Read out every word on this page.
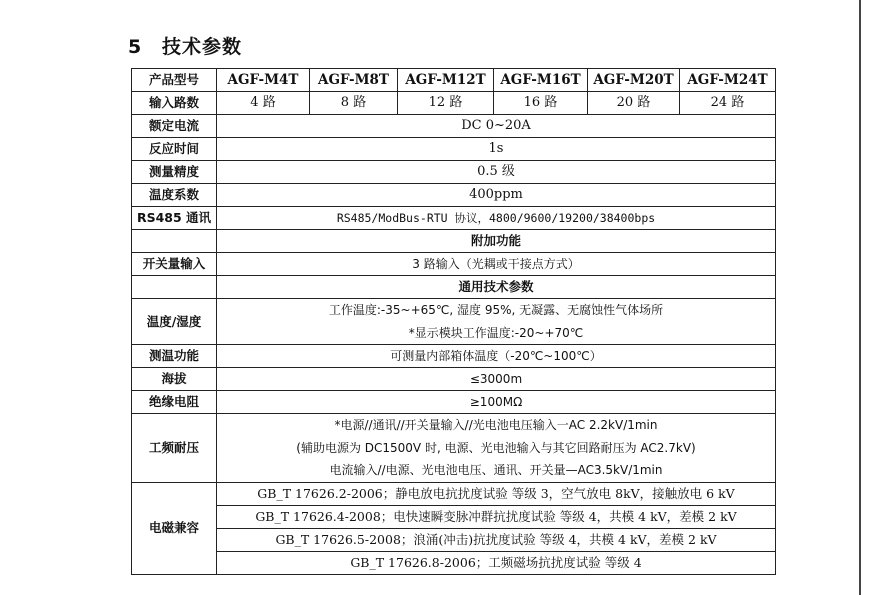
5 技术参数
产品型号	AGF-M4T	AGF-M8T	AGF-M12T	AGF-M16T	AGF-M20T	AGF-M24T
输入路数	4 路	8 路	12 路	16 路	20 路	24 路
额定电流	DC 0~20A					
反应时间	1s					
测量精度	0.5 级					
温度系数	400ppm					
RS485 通讯	RS485/ModBus-RTU 协议，4800/9600/19200/38400bps					
	附加功能					
开关量输入	3 路输入（光耦或干接点方式）					
	通用技术参数					
温度/湿度	工作温度:-35~+65℃, 湿度 95%, 无凝露、无腐蚀性气体场所
*显示模块工作温度:-20~+70℃					

测温功能	可测量内部箱体温度（-20℃~100℃）					
海拔	≤3000m					
绝缘电阻	≥100MΩ					
工频耐压	*电源//通讯//开关量输入//光电池电压输入一AC 2.2kV/1min
(辅助电源为 DC1500V 时, 电源、光电池输入与其它回路耐压为 AC2.7kV)
电流输入//电源、光电池电压、通讯、开关量—AC3.5kV/1min					

电磁兼容	GB_T 17626.2-2006；静电放电抗扰度试验 等级 3，空气放电 8kV，接触放电 6 kV					
	GB_T 17626.4-2008；电快速瞬变脉冲群抗扰度试验 等级 4，共模 4 kV，差模 2 kV					
	GB_T 17626.5-2008；浪涌(冲击)抗扰度试验 等级 4，共模 4 kV，差模 2 kV					
	GB_T 17626.8-2006；工频磁场抗扰度试验 等级 4					
